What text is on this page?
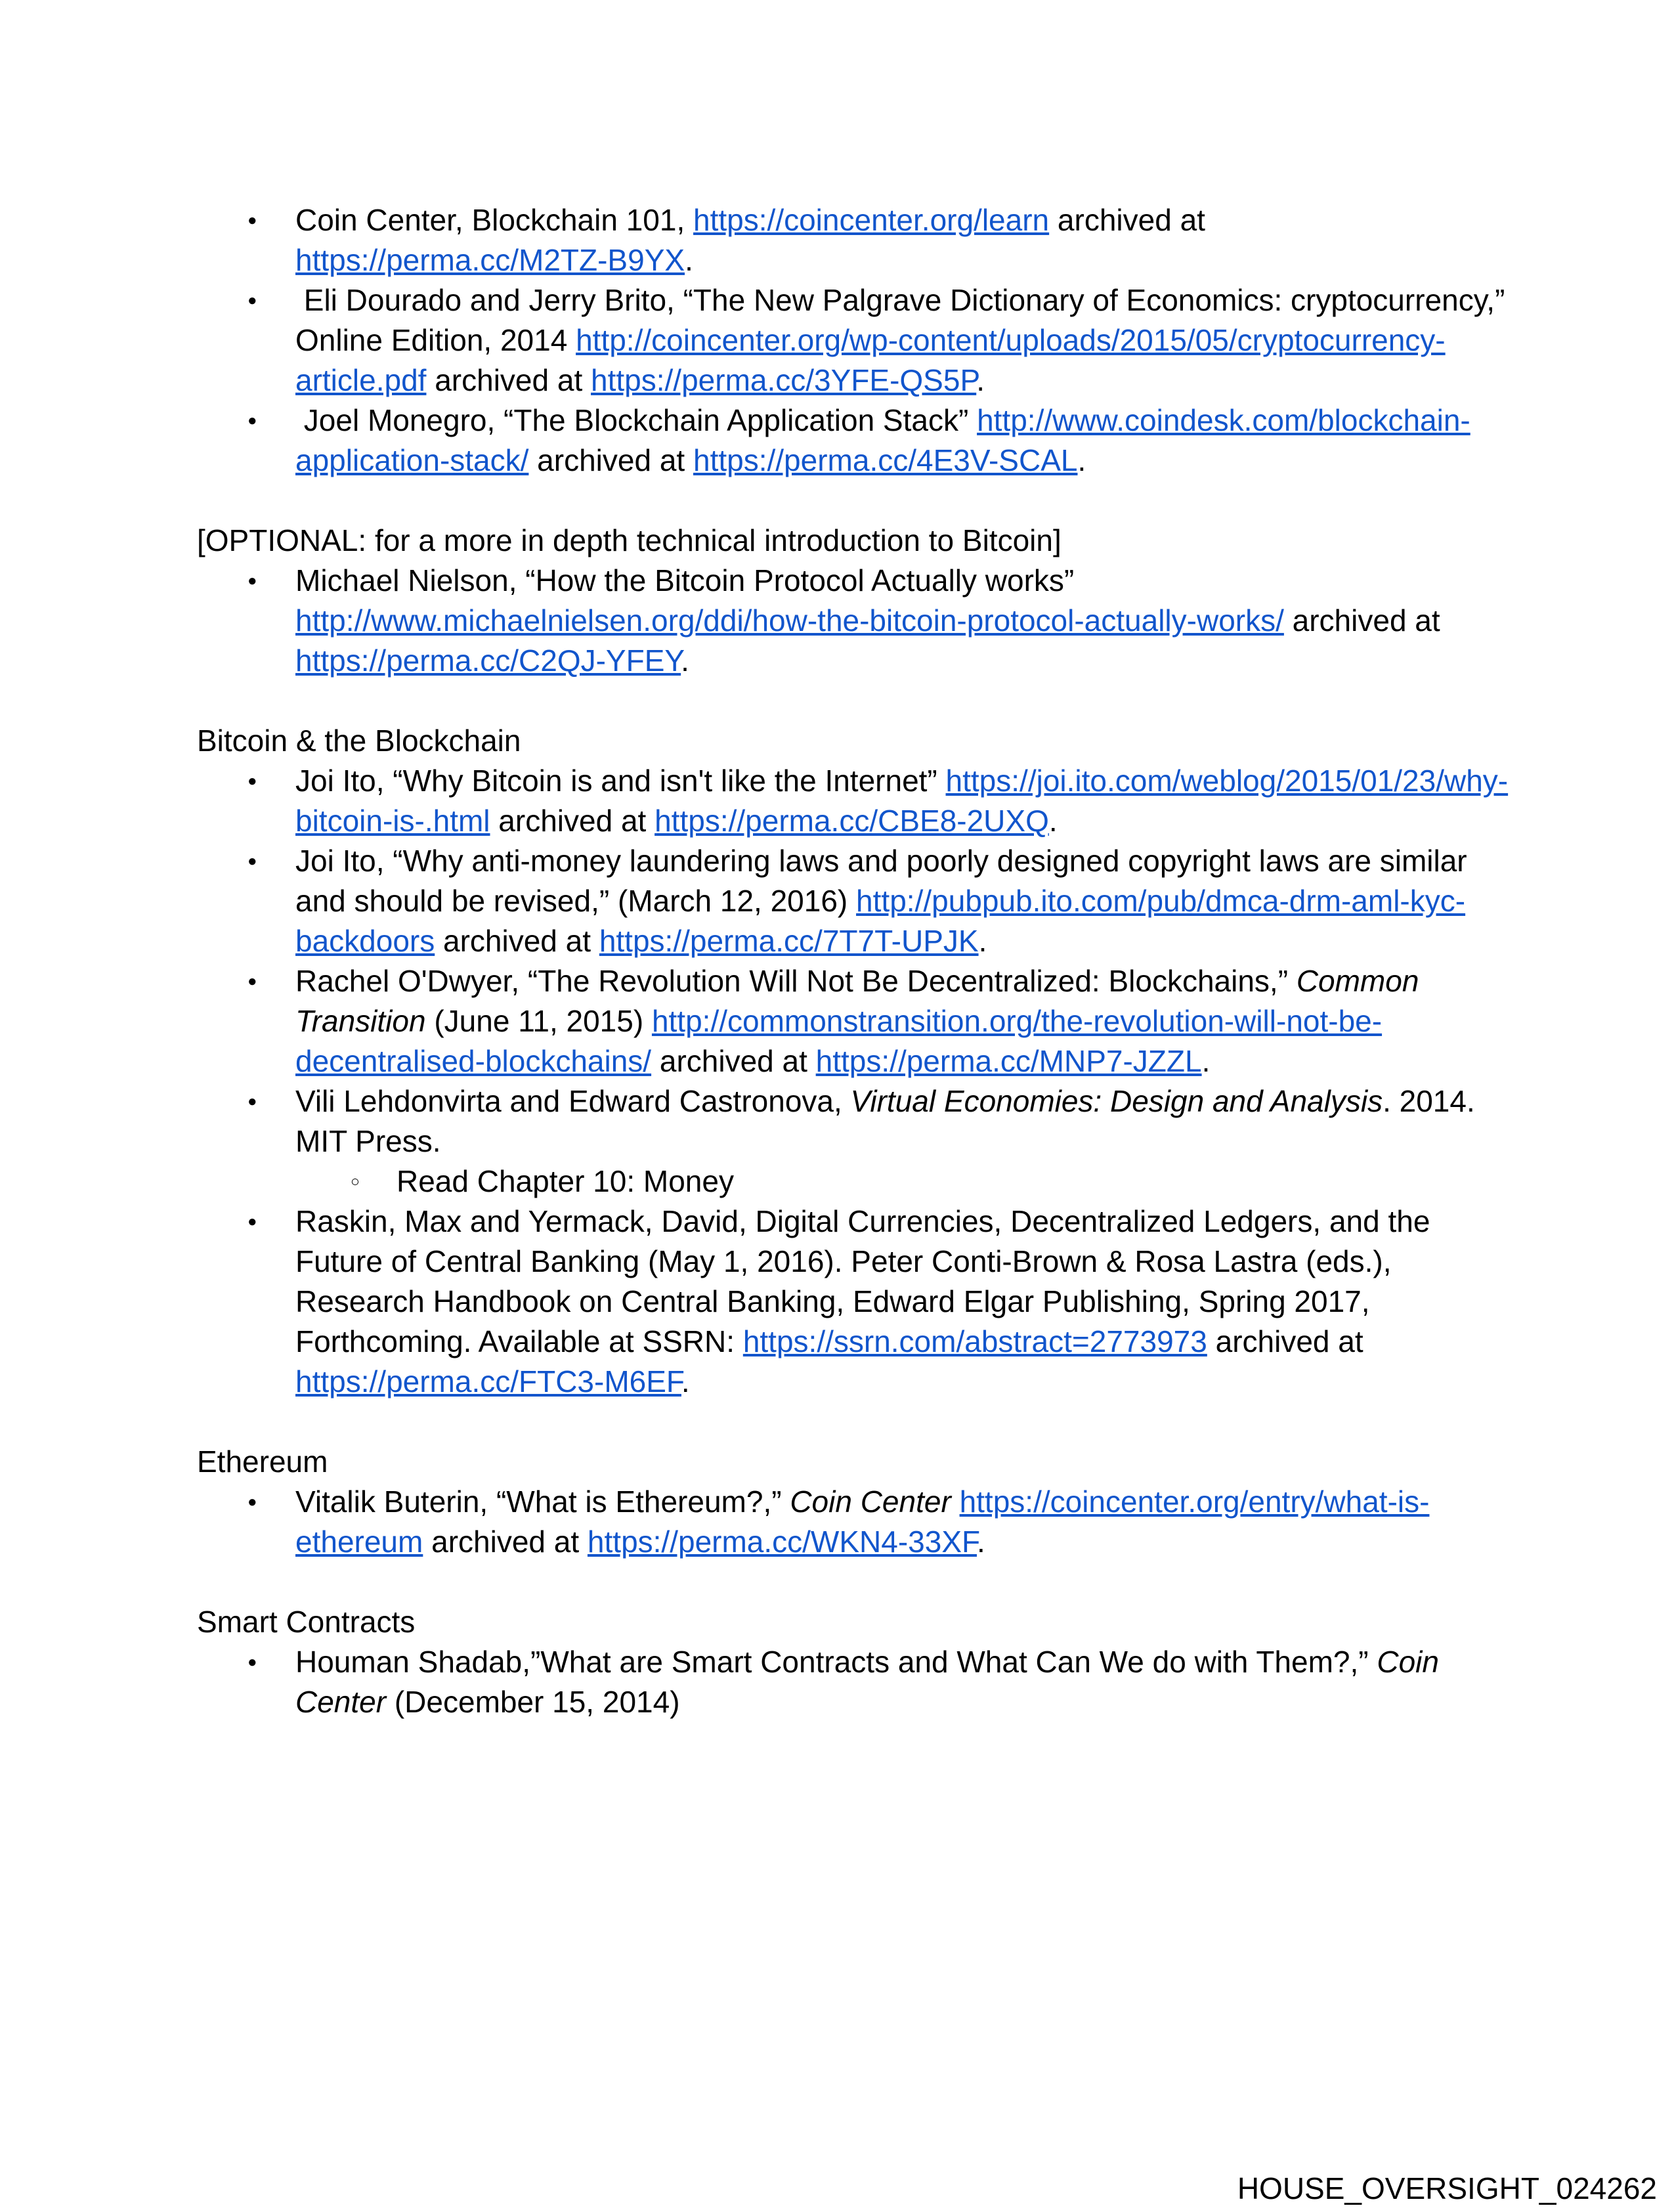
● Coin Center, Blockchain 101, https://coincenter.org/learn archived at https://perma.cc/M2TZ-B9YX.
● Eli Dourado and Jerry Brito, “The New Palgrave Dictionary of Economics: cryptocurrency,” Online Edition, 2014 http://coincenter.org/wp-content/uploads/2015/05/cryptocurrency-article.pdf archived at https://perma.cc/3YFE-QS5P.
● Joel Monegro, “The Blockchain Application Stack” http://www.coindesk.com/blockchain-application-stack/ archived at https://perma.cc/4E3V-SCAL.
[OPTIONAL: for a more in depth technical introduction to Bitcoin]
● Michael Nielson, “How the Bitcoin Protocol Actually works” http://www.michaelnielsen.org/ddi/how-the-bitcoin-protocol-actually-works/ archived at https://perma.cc/C2QJ-YFEY.
Bitcoin & the Blockchain
● Joi Ito, “Why Bitcoin is and isn't like the Internet” https://joi.ito.com/weblog/2015/01/23/why-bitcoin-is-.html archived at https://perma.cc/CBE8-2UXQ.
● Joi Ito, “Why anti-money laundering laws and poorly designed copyright laws are similar and should be revised,” (March 12, 2016) http://pubpub.ito.com/pub/dmca-drm-aml-kyc-backdoors archived at https://perma.cc/7T7T-UPJK.
● Rachel O'Dwyer, “The Revolution Will Not Be Decentralized: Blockchains,” Common Transition (June 11, 2015) http://commonstransition.org/the-revolution-will-not-be-decentralised-blockchains/ archived at https://perma.cc/MNP7-JZZL.
● Vili Lehdonvirta and Edward Castronova, Virtual Economies: Design and Analysis. 2014. MIT Press.
○ Read Chapter 10: Money
● Raskin, Max and Yermack, David, Digital Currencies, Decentralized Ledgers, and the Future of Central Banking (May 1, 2016). Peter Conti-Brown & Rosa Lastra (eds.), Research Handbook on Central Banking, Edward Elgar Publishing, Spring 2017, Forthcoming. Available at SSRN: https://ssrn.com/abstract=2773973 archived at https://perma.cc/FTC3-M6EF.
Ethereum
● Vitalik Buterin, “What is Ethereum?,” Coin Center https://coincenter.org/entry/what-is-ethereum archived at https://perma.cc/WKN4-33XF.
Smart Contracts
● Houman Shadab,”What are Smart Contracts and What Can We do with Them?,” Coin Center (December 15, 2014)
HOUSE_OVERSIGHT_024262
